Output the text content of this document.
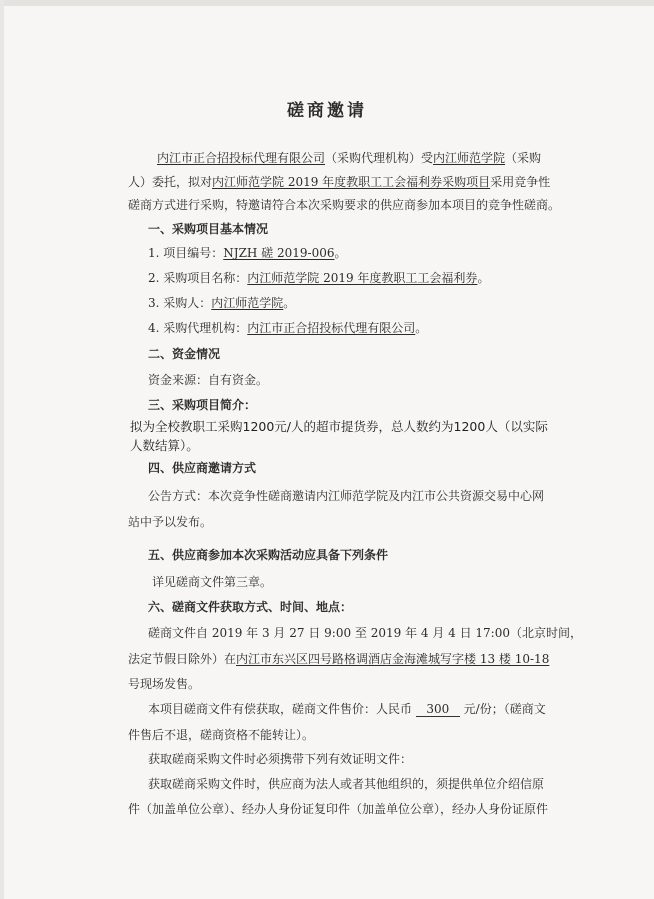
磋商邀请
内江市正合招投标代理有限公司（采购代理机构）受内江师范学院（采购
人）委托，拟对内江师范学院 2019 年度教职工工会福利券采购项目采用竞争性
磋商方式进行采购，特邀请符合本次采购要求的供应商参加本项目的竞争性磋商。
一、采购项目基本情况
1. 项目编号：NJZH 磋 2019-006。
2. 采购项目名称：内江师范学院 2019 年度教职工工会福利券。
3. 采购人：内江师范学院。
4. 采购代理机构：内江市正合招投标代理有限公司。
二、资金情况
资金来源：自有资金。
三、采购项目简介：
拟为全校教职工采购1200元/人的超市提货券，总人数约为1200人（以实际
人数结算）。
四、供应商邀请方式
公告方式：本次竞争性磋商邀请内江师范学院及内江市公共资源交易中心网
站中予以发布。
五、供应商参加本次采购活动应具备下列条件
详见磋商文件第三章。
六、磋商文件获取方式、时间、地点：
磋商文件自 2019 年 3 月 27 日 9:00 至 2019 年 4 月 4 日 17:00（北京时间，
法定节假日除外）在内江市东兴区四号路格调酒店金海滩城写字楼 13 楼 10-18
号现场发售。
本项目磋商文件有偿获取，磋商文件售价：人民币 300 元/份；（磋商文
件售后不退，磋商资格不能转让）。
获取磋商采购文件时必须携带下列有效证明文件：
获取磋商采购文件时，供应商为法人或者其他组织的，须提供单位介绍信原
件（加盖单位公章）、经办人身份证复印件（加盖单位公章），经办人身份证原件
